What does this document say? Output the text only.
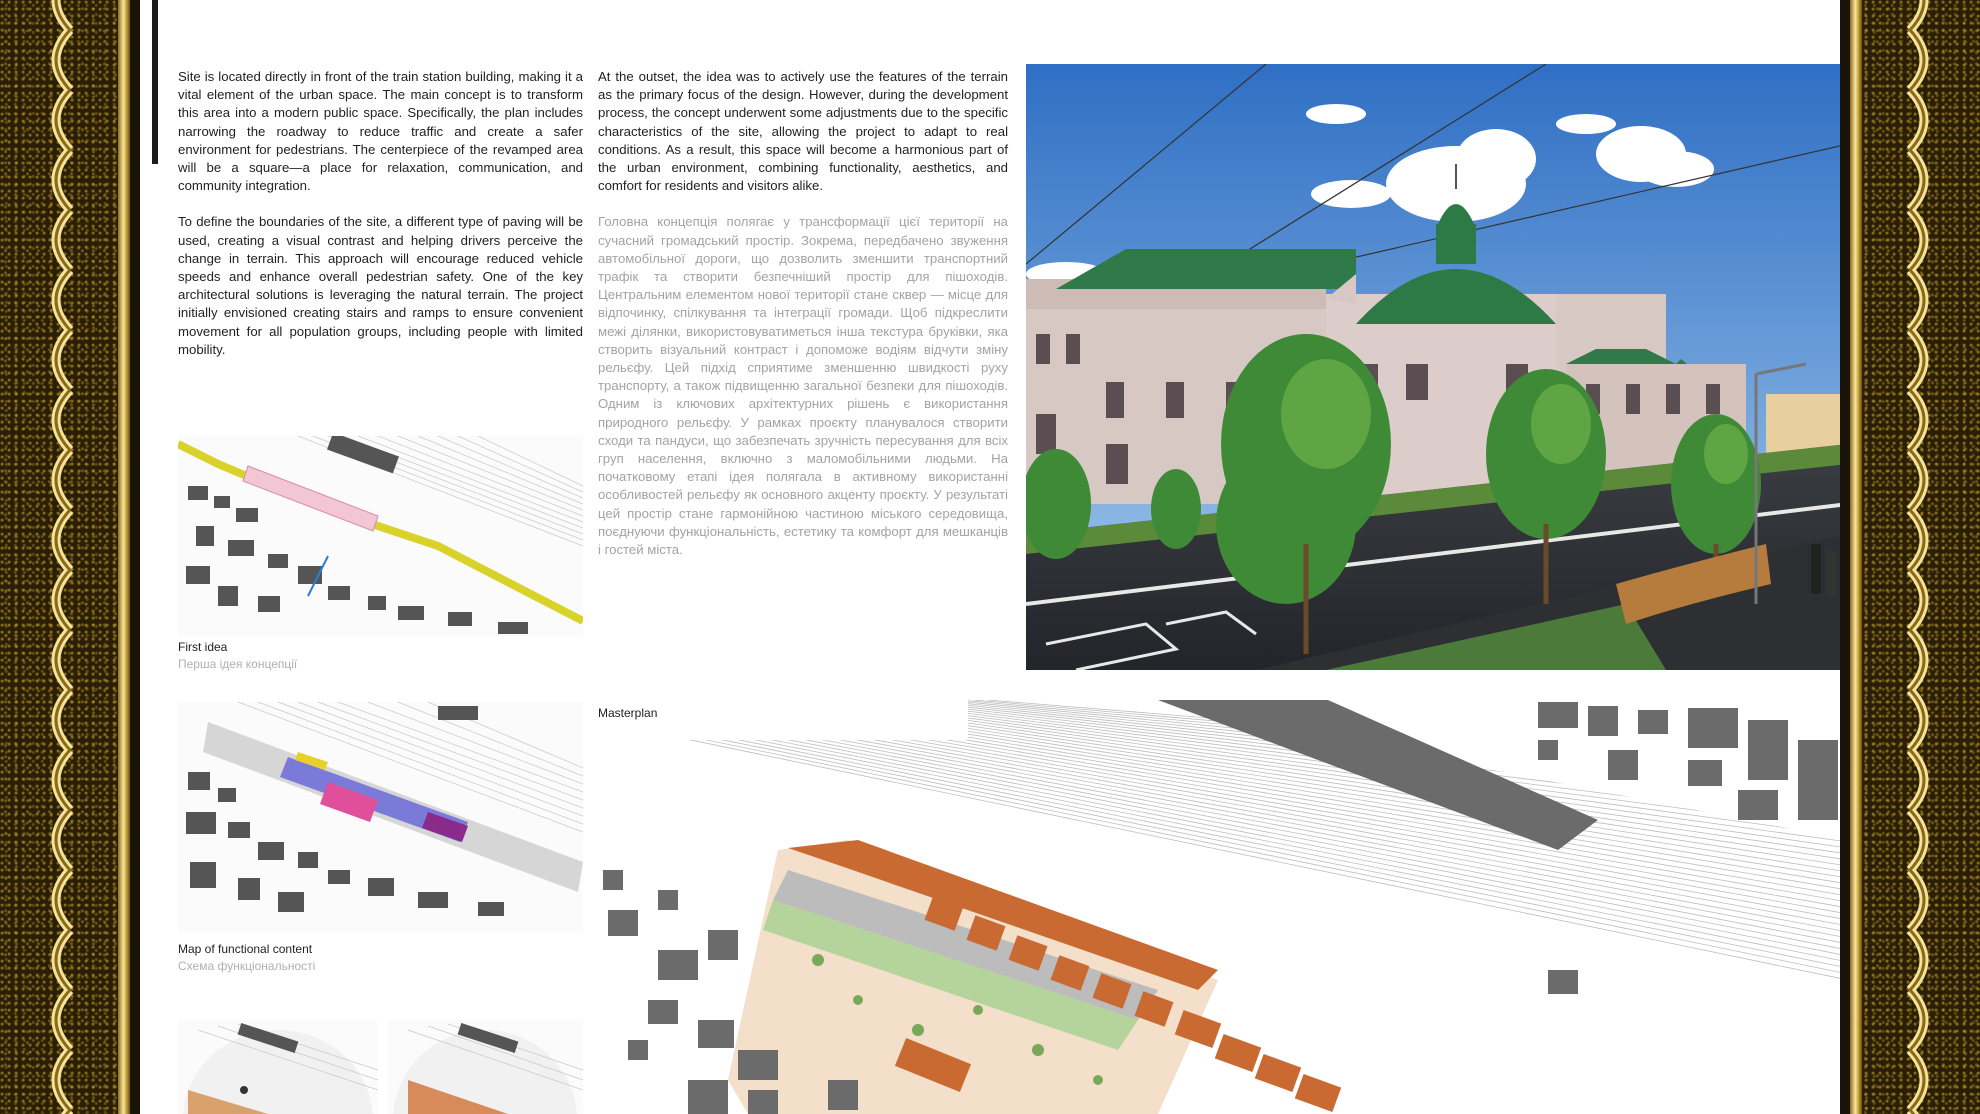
Site is located directly in front of the train station building, making it a vital element of the urban space. The main concept is to transform this area into a modern public space. Specifically, the plan includes narrowing the roadway to reduce traffic and create a safer environment for pedestrians. The centerpiece of the revamped area will be a square—a place for relaxation, communication, and community integration.

To define the boundaries of the site, a different type of paving will be used, creating a visual contrast and helping drivers perceive the change in terrain. This approach will encourage reduced vehicle speeds and enhance overall pedestrian safety. One of the key architectural solutions is leveraging the natural terrain. The project initially envisioned creating stairs and ramps to ensure convenient movement for all population groups, including people with limited mobility.

At the outset, the idea was to actively use the features of the terrain as the primary focus of the design. However, during the development process, the concept underwent some adjustments due to the specific characteristics of the site, allowing the project to adapt to real conditions. As a result, this space will become a harmonious part of the urban environment, combining functionality, aesthetics, and comfort for residents and visitors alike.

Головна концепція полягає у трансформації цієї території на сучасний громадський простір. Зокрема, передбачено звуження автомобільної дороги, що дозволить зменшити транспортний трафік та створити безпечніший простір для пішоходів. Центральним елементом нової території стане сквер — місце для відпочинку, спілкування та інтеграції громади. Щоб підкреслити межі ділянки, використовуватиметься інша текстура бруківки, яка створить візуальний контраст і допоможе водіям відчути зміну рельєфу. Цей підхід сприятиме зменшенню швидкості руху транспорту, а також підвищенню загальної безпеки для пішоходів. Одним із ключових архітектурних рішень є використання природного рельєфу. У рамках проєкту планувалося створити сходи та пандуси, що забезпечать зручність пересування для всіх груп населення, включно з маломобільними людьми. На початковому етапі ідея полягала в активному використанні особливостей рельєфу як основного акценту проєкту. У результаті цей простір стане гармонійною частиною міського середовища, поєднуючи функціональність, естетику та комфорт для мешканців і гостей міста.

First idea
Перша ідея концепції
Map of functional content
Схема функціональності
Masterplan
